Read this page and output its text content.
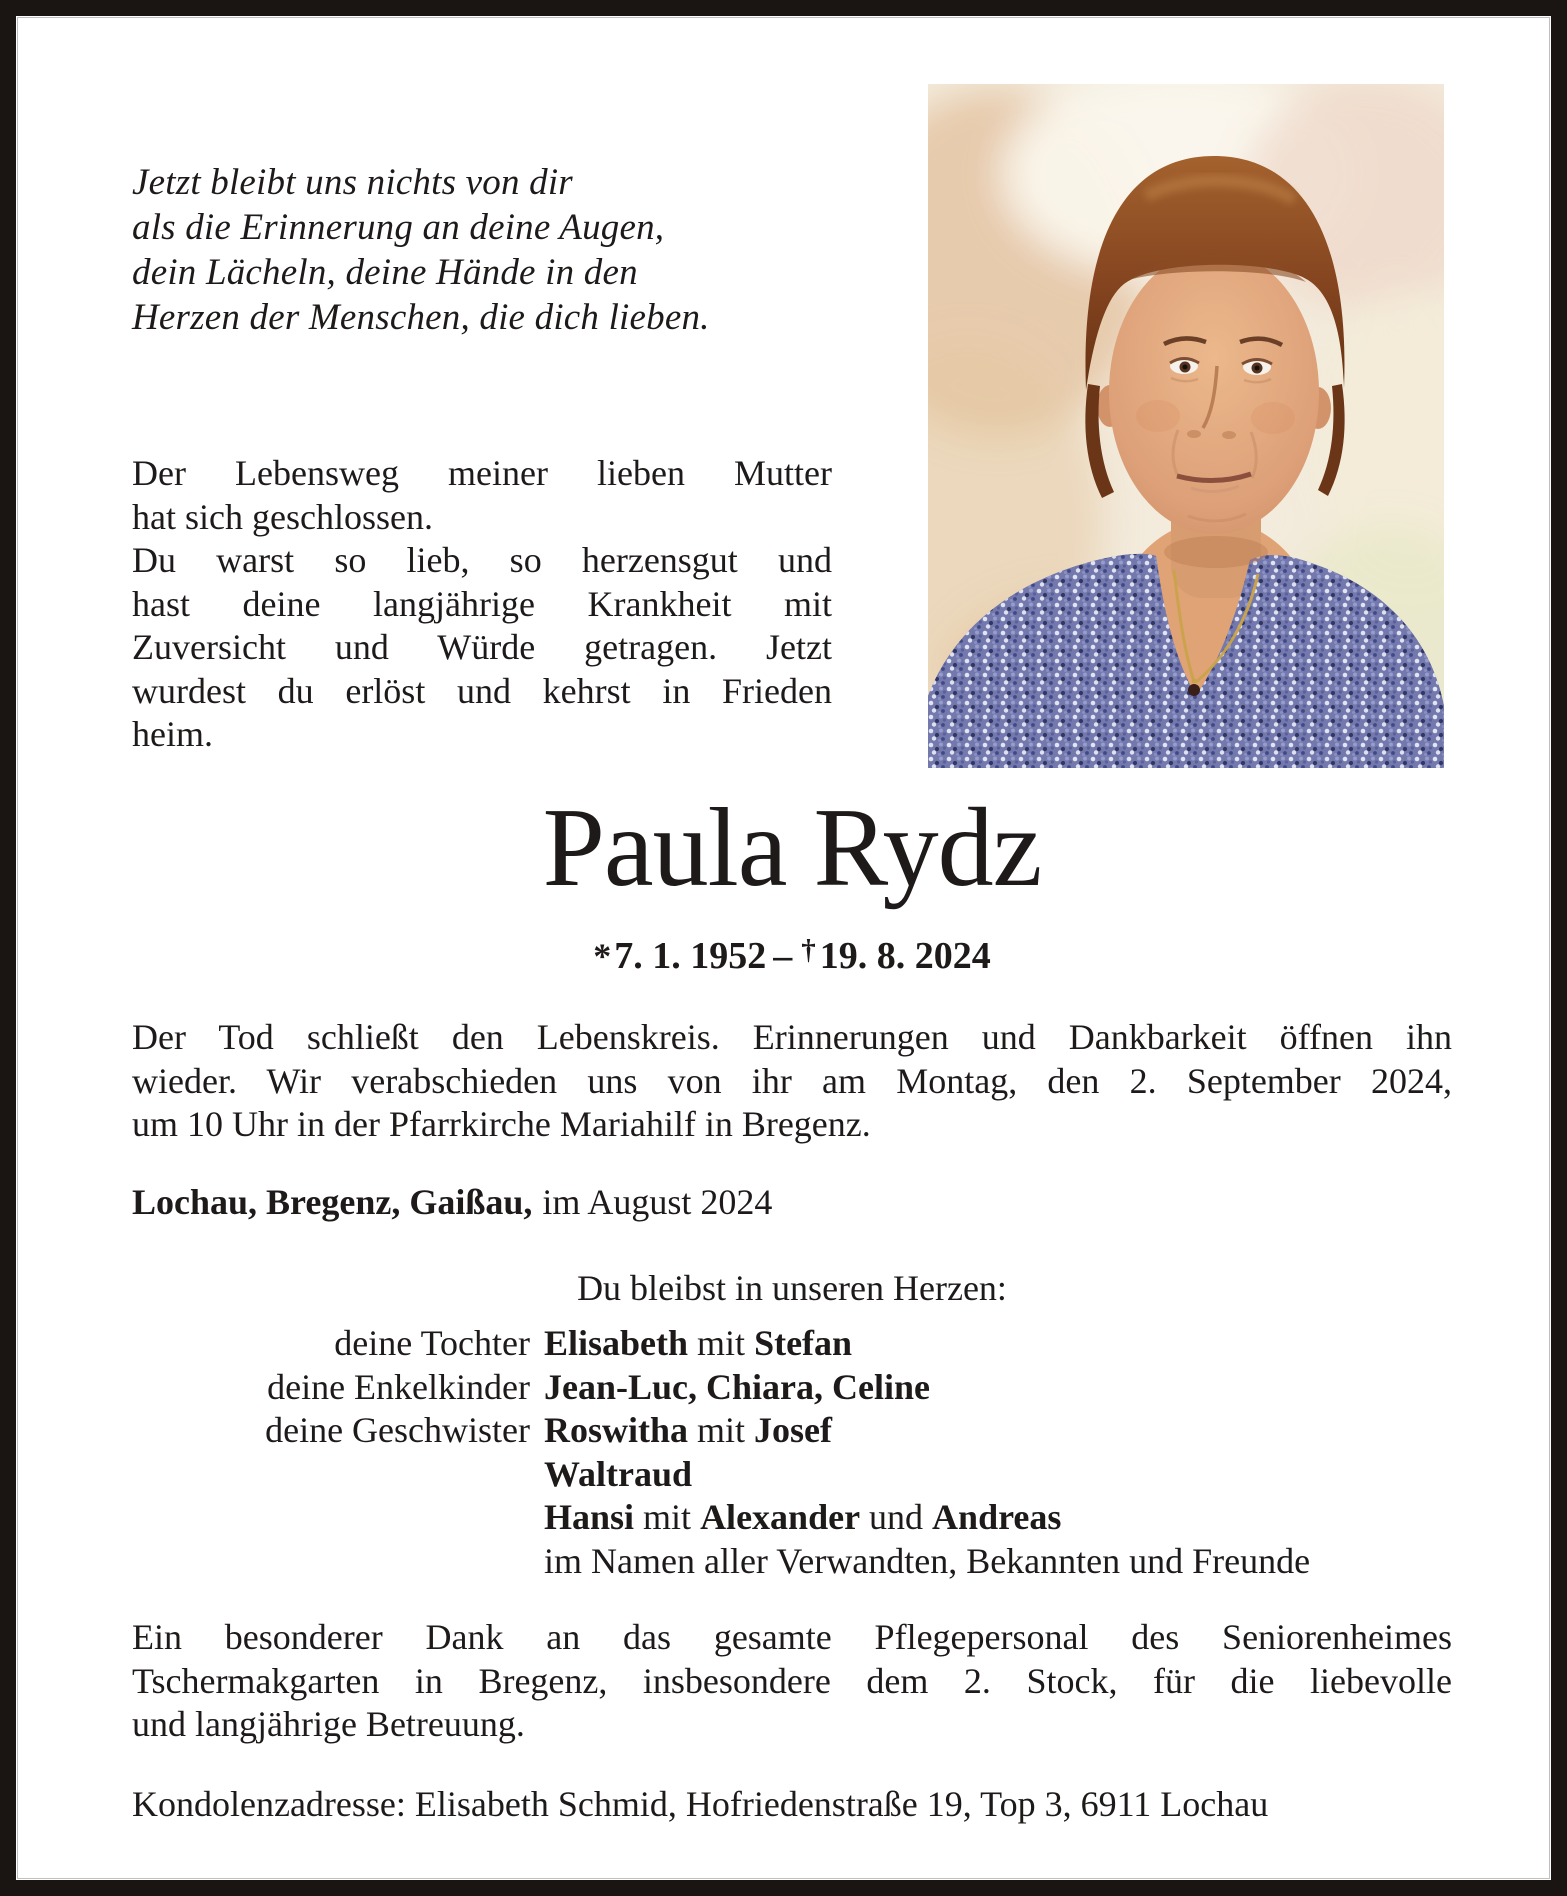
Jetzt bleibt uns nichts von dir
als die Erinnerung an deine Augen,
dein Lächeln, deine Hände in den
Herzen der Menschen, die dich lieben.
Der Lebensweg meiner lieben Mutter
hat sich geschlossen.
Du warst so lieb, so herzensgut und
hast deine langjährige Krankheit mit
Zuversicht und Würde getragen. Jetzt
wurdest du erlöst und kehrst in Frieden
heim.
Paula Rydz
*7. 1. 1952 – † 19. 8. 2024
Der Tod schließt den Lebenskreis. Erinnerungen und Dankbarkeit öffnen ihn
wieder. Wir verabschieden uns von ihr am Montag, den 2. September 2024,
um 10 Uhr in der Pfarrkirche Mariahilf in Bregenz.
Lochau, Bregenz, Gaißau, im August 2024
Du bleibst in unseren Herzen:
deine Tochter Elisabeth mit Stefan
deine Enkelkinder Jean-Luc, Chiara, Celine
deine Geschwister Roswitha mit Josef
Waltraud
Hansi mit Alexander und Andreas
im Namen aller Verwandten, Bekannten und Freunde
Ein besonderer Dank an das gesamte Pflegepersonal des Seniorenheimes
Tschermakgarten in Bregenz, insbesondere dem 2. Stock, für die liebevolle
und langjährige Betreuung.
Kondolenzadresse: Elisabeth Schmid, Hofriedenstraße 19, Top 3, 6911 Lochau
